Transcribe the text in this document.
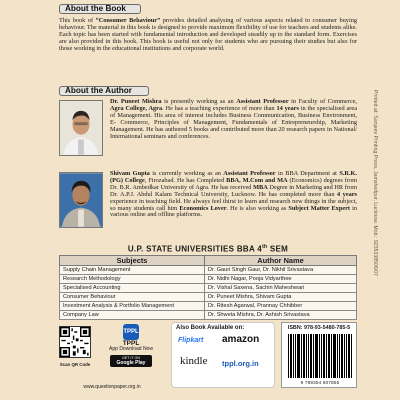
About the Book

This book of “Consumer Behaviour” provides detailed analysing of various aspects related to consumer buying behaviour. The material in this book is designed to provide maximum flexibility of use for teachers and students alike. Each topic has been started with fundamental introduction and developed steadily up to the standard form. Exercises are also provided in this book. This book is useful not only for students who are pursuing their studies but also for those working in the educational institutions and corporate world.

About the Author

Dr. Puneet Mishra is presently working as an Assistant Professor in Faculty of Commerce, Agra College, Agra. He has a teaching experience of more than 14 years in the specialised area of Management. His area of interest includes Business Communication, Business Environment, E- Commerce, Principles of Management, Fundamentals of Entrepreneurship, Marketing Management. He has authored 5 books and contributed more than 20 research papers in National/ International seminars and conferences.

Shivam Gupta is currently working as an Assistant Professor in BBA Department at S.R.K. (PG) College, Firozabad. He has Completed BBA, M.Com and MA (Economics) degrees from Dr. B.R. Ambedkar University of Agra. He has received MBA Degree in Marketing and HR from Dr. A.P.J. Abdul Kalam Technical University, Lucknow. He has completed more than 4 years experience in teaching field. He always feel thirst to learn and research new things in the subject, so many students call him Economics Lover. He is also working as Subject Matter Expert in various online and offline platforms.	Printed at: Sanjeev Printing Press, Jamshedpur, Lucknow. Mob.: 9235338506/07
U.P. STATE UNIVERSITIES BBA 4th SEM
Subjects	Author Name
Supply Chain Management	Dr. Gauri Singh Gaur, Dr. Nikhil Srivastava
Research Methodology	Dr. Nidhi Nagar, Pooja Vidyarthee
Specialised Accounting	Dr. Vishal Saxena, Sachin Maheshwari
Consumer Behaviour	Dr. Puneet Mishra, Shivam Gupta
Investment Analysis & Portfolio Management	Dr. Ritesh Agarwal, Prannay Chhibber
Company Law	Dr. Shweta Mishra, Dr. Ashish Srivastava
Scan QR Code
TPPL
TPPL
App Download Now
GET IT ON
Google Play
www.questionpaper.org.in
Also Book Available on:
Flipkart amazon
kindle tppl.org.in
ISBN: 978-93-5480-785-5
9 789354 807855
